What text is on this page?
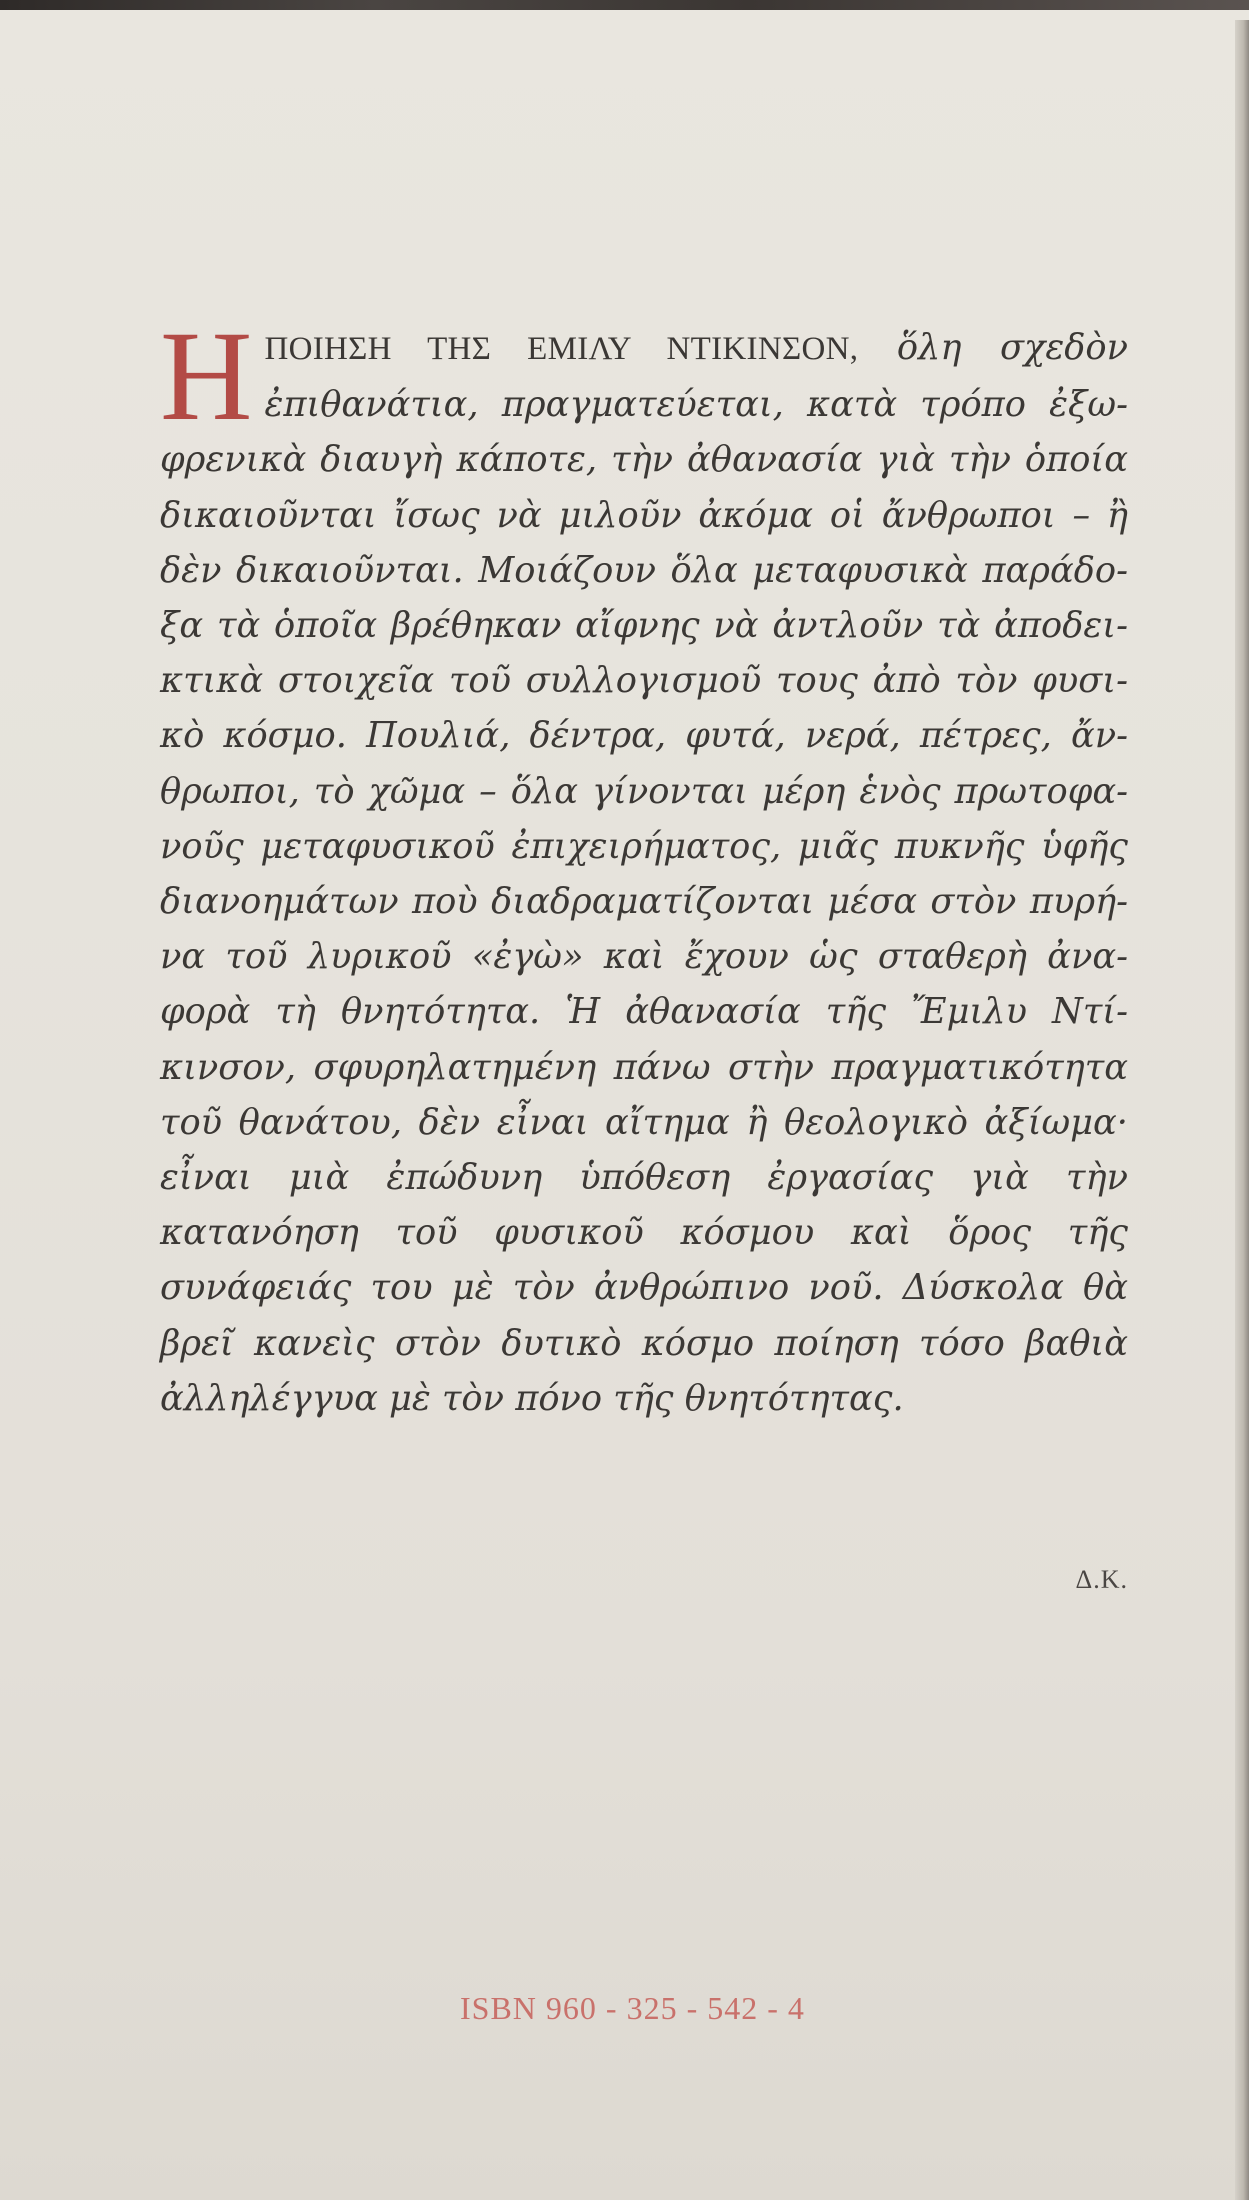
Η ΠΟΙΗΣΗ ΤΗΣ ΕΜΙΛΥ ΝΤΙΚΙΝΣΟΝ, ὅλη σχεδὸν ἐπιθανάτια, πραγματεύεται, κατὰ τρόπο ἐξωφρενικὰ διαυγὴ κάποτε, τὴν ἀθανασία γιὰ τὴν ὁποία δικαιοῦνται ἴσως νὰ μιλοῦν ἀκόμα οἱ ἄνθρωποι – ἢ δὲν δικαιοῦνται. Μοιάζουν ὅλα μεταφυσικὰ παράδοξα τὰ ὁποῖα βρέθηκαν αἴφνης νὰ ἀντλοῦν τὰ ἀποδεικτικὰ στοιχεῖα τοῦ συλλογισμοῦ τους ἀπὸ τὸν φυσικὸ κόσμο. Πουλιά, δέντρα, φυτά, νερά, πέτρες, ἄνθρωποι, τὸ χῶμα – ὅλα γίνονται μέρη ἑνὸς πρωτοφανοῦς μεταφυσικοῦ ἐπιχειρήματος, μιᾶς πυκνῆς ὑφῆς διανοημάτων ποὺ διαδραματίζονται μέσα στὸν πυρήνα τοῦ λυρικοῦ «ἐγὼ» καὶ ἔχουν ὡς σταθερὴ ἀναφορὰ τὴ θνητότητα. Ἡ ἀθανασία τῆς Ἔμιλυ Ντίκινσον, σφυρηλατημένη πάνω στὴν πραγματικότητα τοῦ θανάτου, δὲν εἶναι αἴτημα ἢ θεολογικὸ ἀξίωμα· εἶναι μιὰ ἐπώδυνη ὑπόθεση ἐργασίας γιὰ τὴν κατανόηση τοῦ φυσικοῦ κόσμου καὶ ὅρος τῆς συνάφειάς του μὲ τὸν ἀνθρώπινο νοῦ. Δύσκολα θὰ βρεῖ κανεὶς στὸν δυτικὸ κόσμο ποίηση τόσο βαθιὰ ἀλληλέγγυα μὲ τὸν πόνο τῆς θνητότητας.
Δ.Κ.
ISBN 960 - 325 - 542 - 4
